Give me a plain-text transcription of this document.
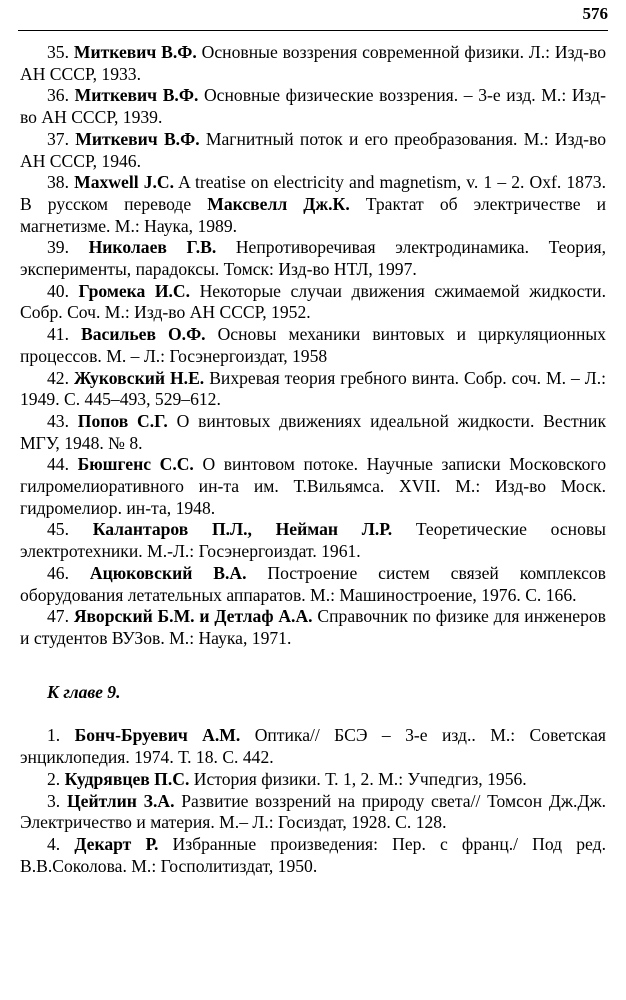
576

35. Миткевич В.Ф. Основные воззрения современной физики. Л.: Изд-во АН СССР, 1933.

36. Миткевич В.Ф. Основные физические воззрения. – 3-е изд. М.: Изд-во АН СССР, 1939.

37. Миткевич В.Ф. Магнитный поток и его преобразования. М.: Изд-во АН СССР, 1946.

38. Maxwell J.C. A treatise on electricity and magnetism, v. 1 – 2. Oxf. 1873. В русском переводе Максвелл Дж.К. Трактат об электричестве и магнетизме. М.: Наука, 1989.

39. Николаев Г.В. Непротиворечивая электродинамика. Теория, эксперименты, парадоксы. Томск: Изд-во НТЛ, 1997.

40. Громека И.С. Некоторые случаи движения сжимаемой жидкости. Собр. Соч. М.: Изд-во АН СССР, 1952.

41. Васильев О.Ф. Основы механики винтовых и циркуляционных процессов. М. – Л.: Госэнергоиздат, 1958

42. Жуковский Н.Е. Вихревая теория гребного винта. Собр. соч. М. – Л.: 1949. С. 445–493, 529–612.

43. Попов С.Г. О винтовых движениях идеальной жидкости. Вестник МГУ, 1948. № 8.

44. Бюшгенс С.С. О винтовом потоке. Научные записки Московского гилромелиоративного ин-та им. Т.Вильямса. XVII. М.: Изд-во Моск. гидромелиор. ин-та, 1948.

45. Калантаров П.Л., Нейман Л.Р. Теоретические основы электротехники. М.-Л.: Госэнергоиздат. 1961.

46. Ацюковский В.А. Построение систем связей комплексов оборудования летательных аппаратов. М.: Машиностроение, 1976. С. 166.

47. Яворский Б.М. и Детлаф А.А. Справочник по физике для инженеров и студентов ВУЗов. М.: Наука, 1971.

К главе 9.

1. Бонч-Бруевич А.М. Оптика// БСЭ – 3-е изд.. М.: Советская энциклопедия. 1974. Т. 18. С. 442.

2. Кудрявцев П.С. История физики. Т. 1, 2. М.: Учпедгиз, 1956.

3. Цейтлин З.А. Развитие воззрений на природу света// Томсон Дж.Дж. Электричество и материя. М.– Л.: Госиздат, 1928. С. 128.

4. Декарт Р. Избранные произведения: Пер. с франц./ Под ред. В.В.Соколова. М.: Госполитиздат, 1950.
